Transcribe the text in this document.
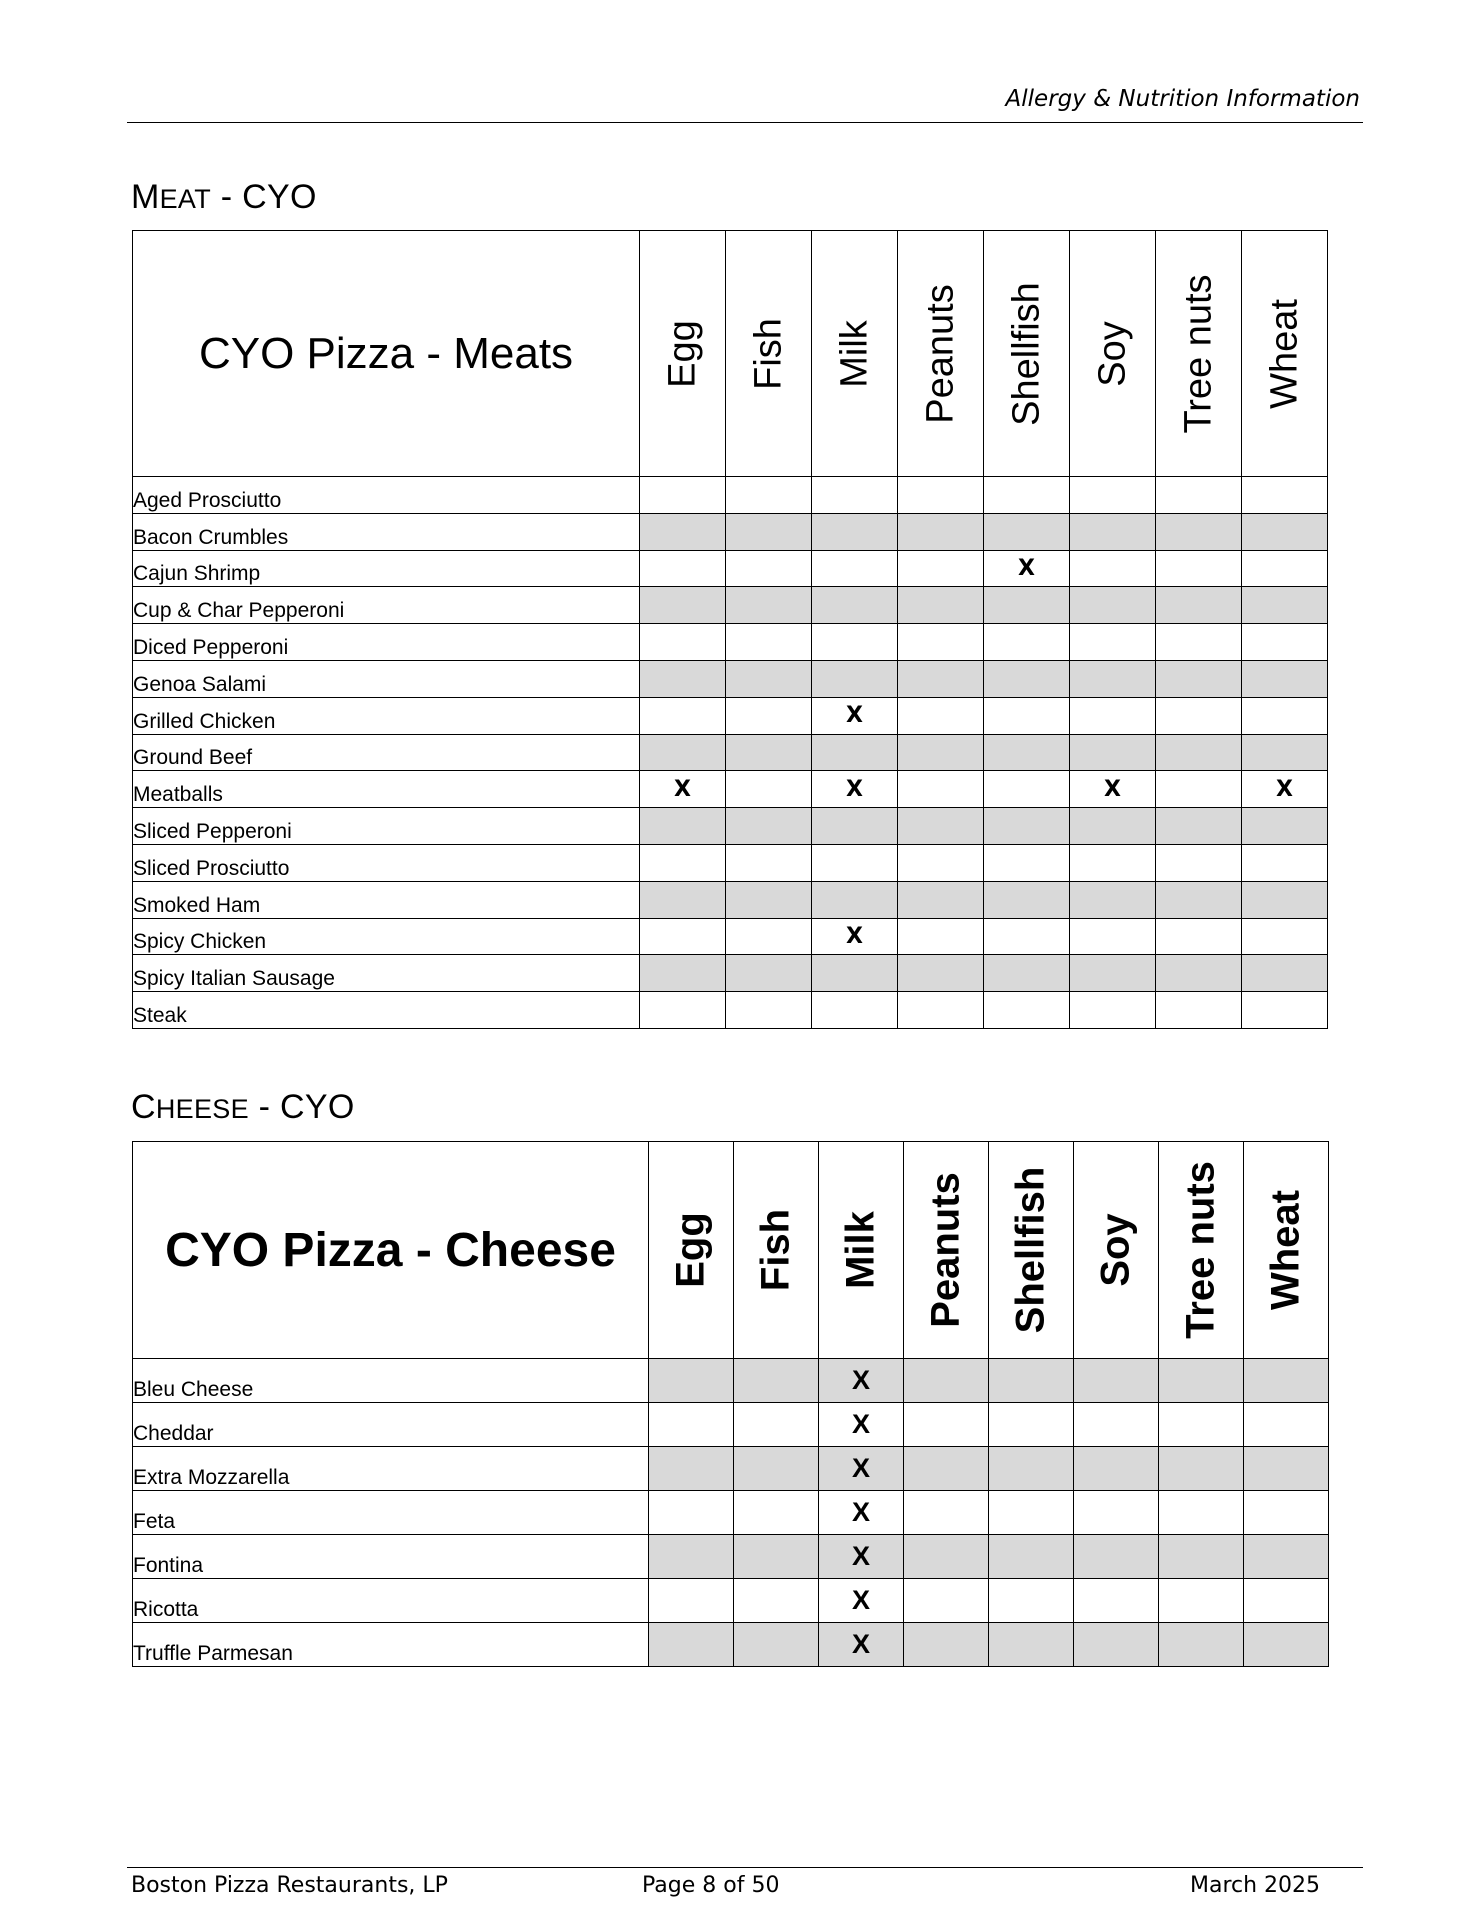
Allergy & Nutrition Information
MEAT - CYO
CYO Pizza - Meats	Egg	Fish	Milk	Peanuts	Shellfish	Soy	Tree nuts	Wheat

Aged Prosciutto								
Bacon Crumbles								
Cajun Shrimp					X			
Cup & Char Pepperoni								
Diced Pepperoni								
Genoa Salami								
Grilled Chicken			X					
Ground Beef								
Meatballs	X		X			X		X
Sliced Pepperoni								
Sliced Prosciutto								
Smoked Ham								
Spicy Chicken			X					
Spicy Italian Sausage								
Steak								
CHEESE - CYO
CYO Pizza - Cheese	Egg	Fish	Milk	Peanuts	Shellfish	Soy	Tree nuts	Wheat

Bleu Cheese			X					
Cheddar			X					
Extra Mozzarella			X					
Feta			X					
Fontina			X					
Ricotta			X					
Truffle Parmesan			X					
Boston Pizza Restaurants, LP	Page 8 of 50	March 2025
